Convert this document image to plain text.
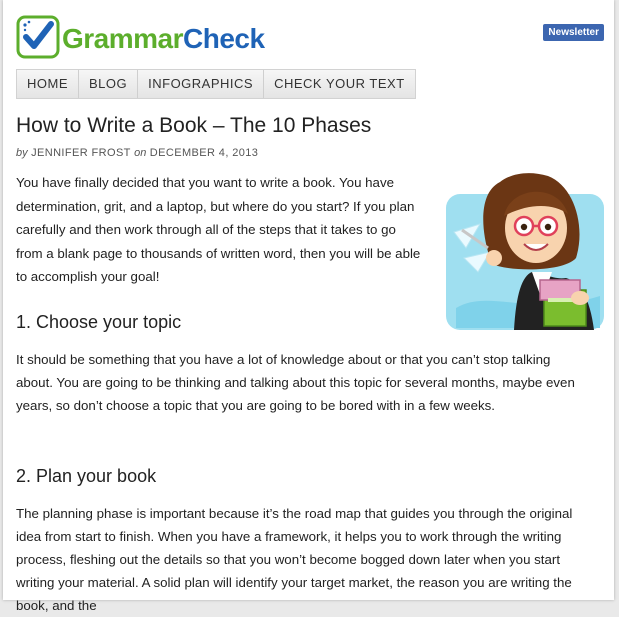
GrammarCheck	Newsletter
HOME	BLOG	INFOGRAPHICS	CHECK YOUR TEXT
How to Write a Book – The 10 Phases
by JENNIFER FROST on DECEMBER 4, 2013

You have finally decided that you want to write a book. You have determination, grit, and a laptop, but where do you start? If you plan carefully and then work through all of the steps that it takes to go from a blank page to thousands of written word, then you will be able to accomplish your goal!

1. Choose your topic

It should be something that you have a lot of knowledge about or that you can’t stop talking about. You are going to be thinking and talking about this topic for several months, maybe even years, so don’t choose a topic that you are going to be bored with in a few weeks.

2. Plan your book

The planning phase is important because it’s the road map that guides you through the original idea from start to finish. When you have a framework, it helps you to work through the writing process, fleshing out the details so that you won’t become bogged down later when you start writing your material. A solid plan will identify your target market, the reason you are writing the book, and the
